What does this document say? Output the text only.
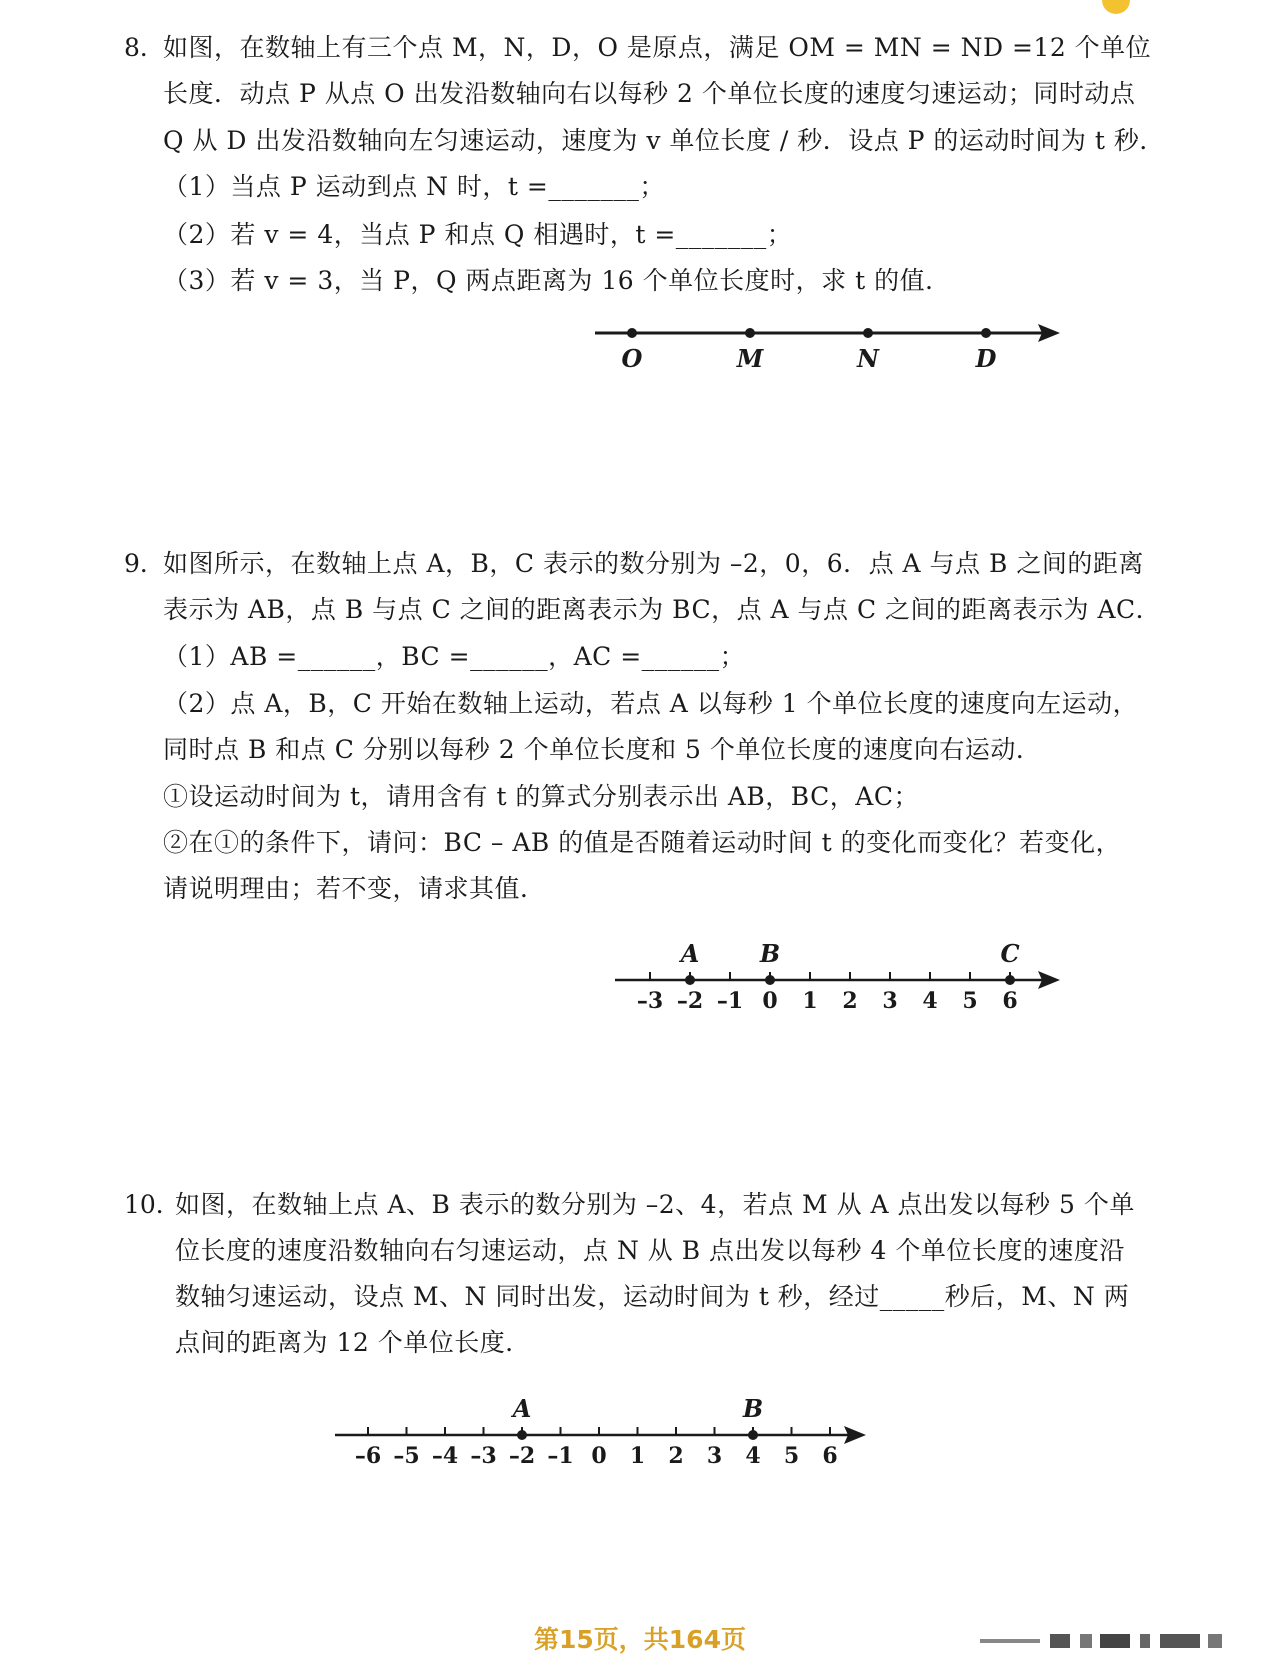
8．
如图，在数轴上有三个点 M，N，D，O 是原点，满足 OM = MN = ND =12 个单位
长度．动点 P 从点 O 出发沿数轴向右以每秒 2 个单位长度的速度匀速运动；同时动点
Q 从 D 出发沿数轴向左匀速运动，速度为 v 单位长度 / 秒．设点 P 的运动时间为 t 秒．
（1）当点 P 运动到点 N 时，t =_______；
（2）若 v = 4，当点 P 和点 Q 相遇时，t =_______；
（3）若 v = 3，当 P，Q 两点距离为 16 个单位长度时，求 t 的值．
O	M	N	D
9．
如图所示，在数轴上点 A，B，C 表示的数分别为 –2，0，6．点 A 与点 B 之间的距离
表示为 AB，点 B 与点 C 之间的距离表示为 BC，点 A 与点 C 之间的距离表示为 AC．
（1）AB =______，BC =______，AC =______；
（2）点 A，B，C 开始在数轴上运动，若点 A 以每秒 1 个单位长度的速度向左运动，
同时点 B 和点 C 分别以每秒 2 个单位长度和 5 个单位长度的速度向右运动．
①设运动时间为 t，请用含有 t 的算式分别表示出 AB，BC，AC；
②在①的条件下，请问：BC – AB 的值是否随着运动时间 t 的变化而变化？若变化，
请说明理由；若不变，请求其值．
–3 –2 –1 0 1 2 3 4 5 6
A	B	C
10．
如图，在数轴上点 A、B 表示的数分别为 –2、4，若点 M 从 A 点出发以每秒 5 个单
位长度的速度沿数轴向右匀速运动，点 N 从 B 点出发以每秒 4 个单位长度的速度沿
数轴匀速运动，设点 M、N 同时出发，运动时间为 t 秒，经过_____秒后，M、N 两
点间的距离为 12 个单位长度．
–6 –5 –4 –3 –2 –1 0 1 2 3 4 5 6
A	B
第15页，共164页
